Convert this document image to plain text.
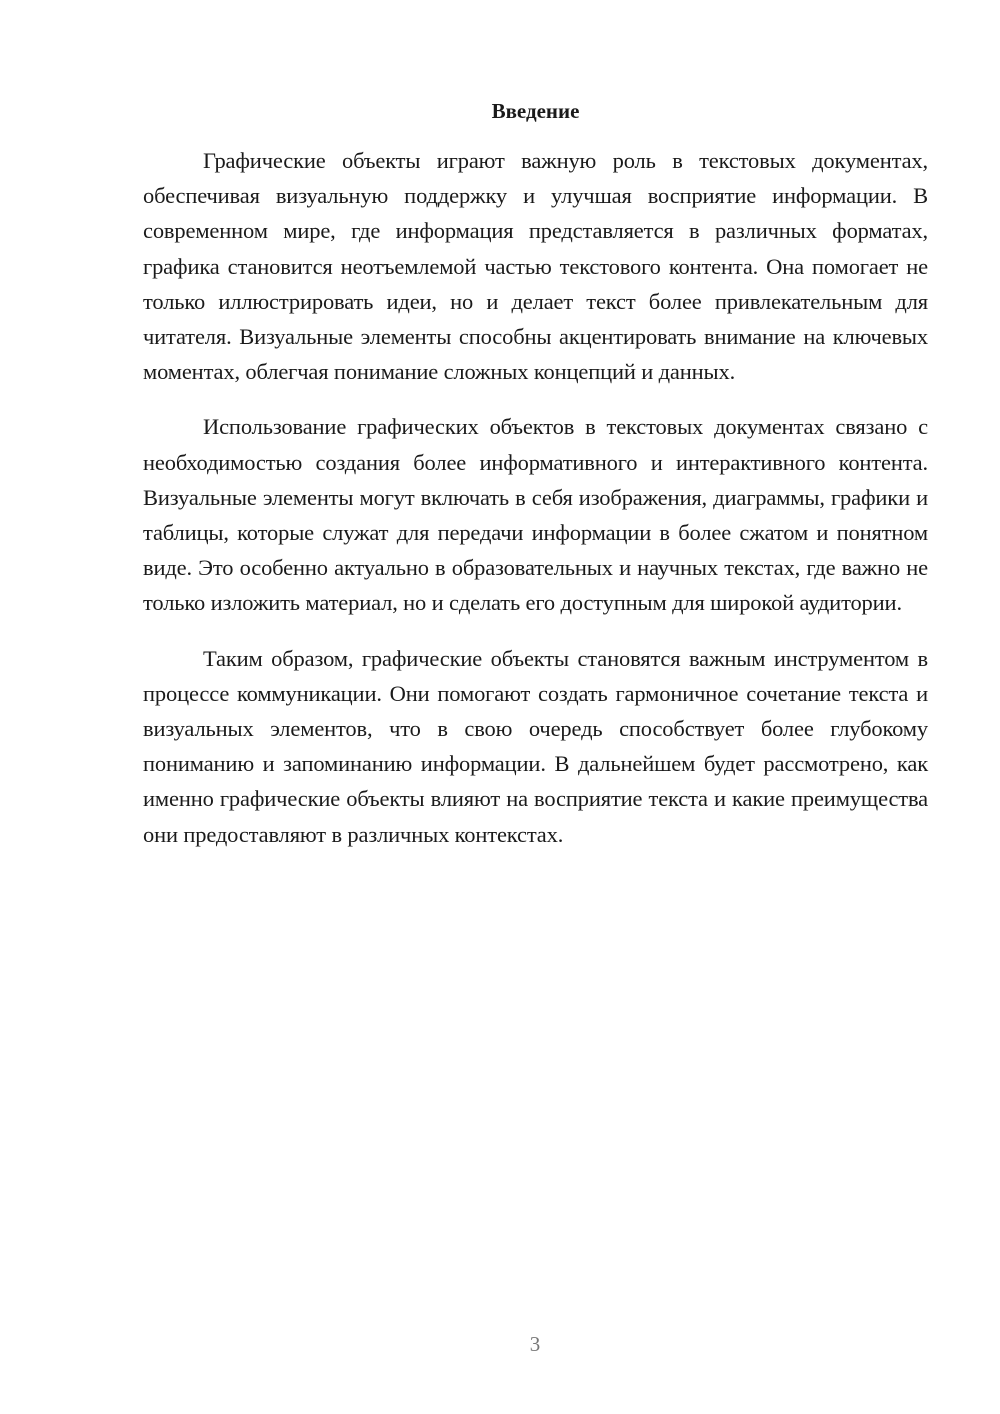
Введение

Графические объекты играют важную роль в текстовых документах, обеспечивая визуальную поддержку и улучшая восприятие информации. В современном мире, где информация представляется в различных форматах, графика становится неотъемлемой частью текстового контента. Она помогает не только иллюстрировать идеи, но и делает текст более привлекательным для читателя. Визуальные элементы способны акцентировать внимание на ключевых моментах, облегчая понимание сложных концепций и данных.

Использование графических объектов в текстовых документах связано с необходимостью создания более информативного и интерактивного контента. Визуальные элементы могут включать в себя изображения, диаграммы, графики и таблицы, которые служат для передачи информации в более сжатом и понятном виде. Это особенно актуально в образовательных и научных текстах, где важно не только изложить материал, но и сделать его доступным для широкой аудитории.

Таким образом, графические объекты становятся важным инструментом в процессе коммуникации. Они помогают создать гармоничное сочетание текста и визуальных элементов, что в свою очередь способствует более глубокому пониманию и запоминанию информации. В дальнейшем будет рассмотрено, как именно графические объекты влияют на восприятие текста и какие преимущества они предоставляют в различных контекстах.

3
